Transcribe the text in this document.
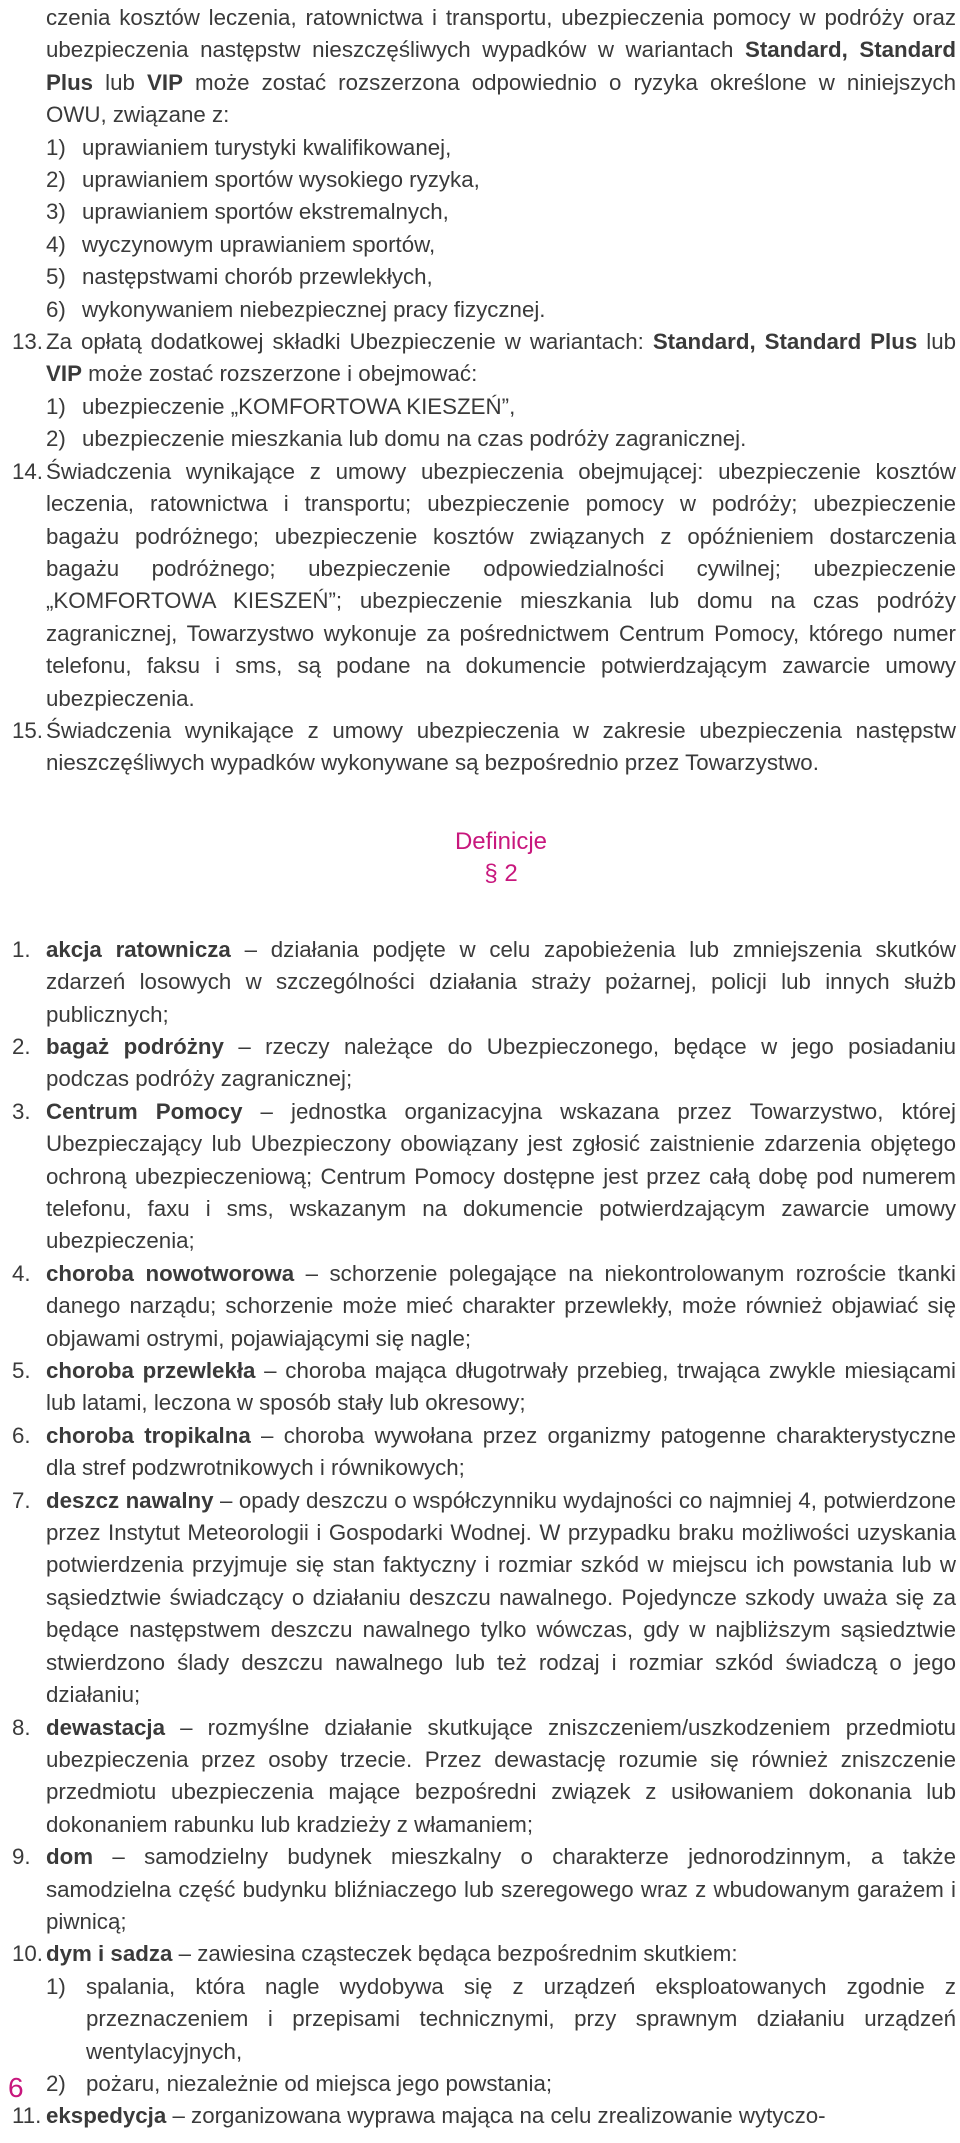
czenia kosztów leczenia, ratownictwa i transportu, ubezpieczenia pomocy w podróży oraz ubezpieczenia następstw nieszczęśliwych wypadków w wariantach Standard, Standard Plus lub VIP może zostać rozszerzona odpowiednio o ryzyka określone w niniejszych OWU, związane z:

1) uprawianiem turystyki kwalifikowanej,
2) uprawianiem sportów wysokiego ryzyka,
3) uprawianiem sportów ekstremalnych,
4) wyczynowym uprawianiem sportów,
5) następstwami chorób przewlekłych,
6) wykonywaniem niebezpiecznej pracy fizycznej.
13. Za opłatą dodatkowej składki Ubezpieczenie w wariantach: Standard, Standard Plus lub VIP może zostać rozszerzone i obejmować:

1) ubezpieczenie „KOMFORTOWA KIESZEŃ”,
2) ubezpieczenie mieszkania lub domu na czas podróży zagranicznej.
14. Świadczenia wynikające z umowy ubezpieczenia obejmującej: ubezpieczenie kosztów leczenia, ratownictwa i transportu; ubezpieczenie pomocy w podróży; ubezpieczenie bagażu podróżnego; ubezpieczenie kosztów związanych z opóźnieniem dostarczenia bagażu podróżnego; ubezpieczenie odpowiedzialności cywilnej; ubezpieczenie „KOMFORTOWA KIESZEŃ”; ubezpieczenie mieszkania lub domu na czas podróży zagranicznej, Towarzystwo wykonuje za pośrednictwem Centrum Pomocy, którego numer telefonu, faksu i sms, są podane na dokumencie potwierdzającym zawarcie umowy ubezpieczenia.

15. Świadczenia wynikające z umowy ubezpieczenia w zakresie ubezpieczenia następstw nieszczęśliwych wypadków wykonywane są bezpośrednio przez Towarzystwo.

Definicje
§ 2
1. akcja ratownicza – działania podjęte w celu zapobieżenia lub zmniejszenia skutków zdarzeń losowych w szczególności działania straży pożarnej, policji lub innych służb publicznych;

2. bagaż podróżny – rzeczy należące do Ubezpieczonego, będące w jego posiadaniu podczas podróży zagranicznej;

3. Centrum Pomocy – jednostka organizacyjna wskazana przez Towarzystwo, której Ubezpieczający lub Ubezpieczony obowiązany jest zgłosić zaistnienie zdarzenia objętego ochroną ubezpieczeniową; Centrum Pomocy dostępne jest przez całą dobę pod numerem telefonu, faxu i sms, wskazanym na dokumencie potwierdzającym zawarcie umowy ubezpieczenia;

4. choroba nowotworowa – schorzenie polegające na niekontrolowanym rozroście tkanki danego narządu; schorzenie może mieć charakter przewlekły, może również objawiać się objawami ostrymi, pojawiającymi się nagle;

5. choroba przewlekła – choroba mająca długotrwały przebieg, trwająca zwykle miesiącami lub latami, leczona w sposób stały lub okresowy;

6. choroba tropikalna – choroba wywołana przez organizmy patogenne charakterystyczne dla stref podzwrotnikowych i równikowych;

7. deszcz nawalny – opady deszczu o współczynniku wydajności co najmniej 4, potwierdzone przez Instytut Meteorologii i Gospodarki Wodnej. W przypadku braku możliwości uzyskania potwierdzenia przyjmuje się stan faktyczny i rozmiar szkód w miejscu ich powstania lub w sąsiedztwie świadczący o działaniu deszczu nawalnego. Pojedyncze szkody uważa się za będące następstwem deszczu nawalnego tylko wówczas, gdy w najbliższym sąsiedztwie stwierdzono ślady deszczu nawalnego lub też rodzaj i rozmiar szkód świadczą o jego działaniu;

8. dewastacja – rozmyślne działanie skutkujące zniszczeniem/uszkodzeniem przedmiotu ubezpieczenia przez osoby trzecie. Przez dewastację rozumie się również zniszczenie przedmiotu ubezpieczenia mające bezpośredni związek z usiłowaniem dokonania lub dokonaniem rabunku lub kradzieży z włamaniem;

9. dom – samodzielny budynek mieszkalny o charakterze jednorodzinnym, a także samodzielna część budynku bliźniaczego lub szeregowego wraz z wbudowanym garażem i piwnicą;

10. dym i sadza – zawiesina cząsteczek będąca bezpośrednim skutkiem:

1) spalania, która nagle wydobywa się z urządzeń eksploatowanych zgodnie z przeznaczeniem i przepisami technicznymi, przy sprawnym działaniu urządzeń wentylacyjnych,
2) pożaru, niezależnie od miejsca jego powstania;
11. ekspedycja – zorganizowana wyprawa mająca na celu zrealizowanie wytyczo-

6
